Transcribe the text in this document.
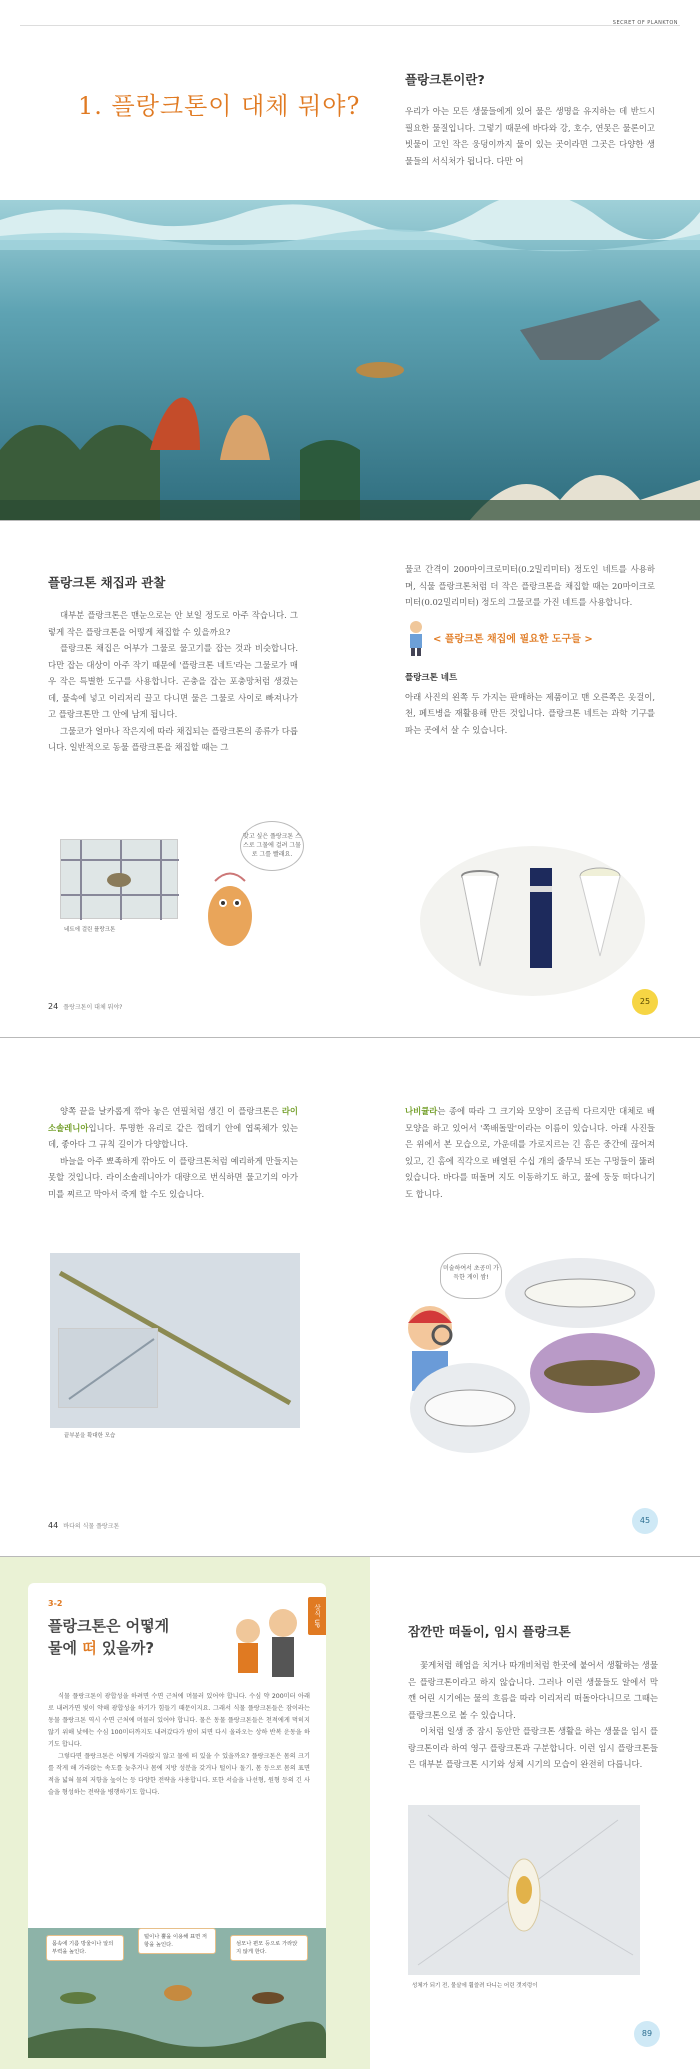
SECRET OF PLANKTON
1. 플랑크톤이 대체 뭐야?
플랑크톤이란?
우리가 아는 모든 생물들에게 있어 물은 생명을 유지하는 데 반드시 필요한 물질입니다. 그렇기 때문에 바다와 강, 호수, 연못은 물론이고 빗물이 고인 작은 웅덩이까지 물이 있는 곳이라면 그곳은 다양한 생물들의 서식처가 됩니다. 다만 어
플랑크톤 채집과 관찰
대부분 플랑크톤은 맨눈으로는 안 보일 정도로 아주 작습니다. 그렇게 작은 플랑크톤을 어떻게 채집할 수 있을까요?
플랑크톤 채집은 어부가 그물로 물고기를 잡는 것과 비슷합니다. 다만 잡는 대상이 아주 작기 때문에 '플랑크톤 네트'라는 그물로가 매우 작은 특별한 도구를 사용합니다. 곤충을 잡는 포충망처럼 생겼는데, 물속에 넣고 이리저리 끌고 다니면 물은 그물로 사이로 빠져나가고 플랑크톤만 그 안에 남게 됩니다.
그물코가 얼마나 작은지에 따라 채집되는 플랑크톤의 종류가 다릅니다. 일반적으로 동물 플랑크톤을 채집할 때는 그
네트에 걸린 플랑크톤
맞고 싶은 플랑크톤 스스로 그물에 걸려 그물로 그를 빨래요.
24 플랑크톤이 대체 뭐야?
물코 간격이 200마이크로미터(0.2밀리미터) 정도인 네트를 사용하며, 식물 플랑크톤처럼 더 작은 플랑크톤을 채집할 때는 20마이크로미터(0.02밀리미터) 정도의 그물코를 가진 네트를 사용합니다.
< 플랑크톤 채집에 필요한 도구들 >
플랑크톤 네트
아래 사진의 왼쪽 두 가지는 판매하는 제품이고 맨 오른쪽은 옷걸이, 천, 페트병을 재활용해 만든 것입니다. 플랑크톤 네트는 과학 기구를 파는 곳에서 살 수 있습니다.
25
양쪽 끝을 날카롭게 깎아 놓은 연필처럼 생긴 이 플랑크톤은 라이소솔레니아입니다. 투명한 유리로 같은 껍데기 안에 엽록체가 있는데, 좋아다 그 규칙 길이가 다양합니다.
바늘을 아주 뾰족하게 깎아도 이 플랑크톤처럼 예리하게 만들지는 못할 것입니다. 라이소솔레니아가 대량으로 번식하면 물고기의 아가미를 찌르고 막아서 죽게 할 수도 있습니다.
끝부분을 확대한 모습
44 바다의 식물 플랑크톤
나비큘라는 종에 따라 그 크기와 모양이 조금씩 다르지만 대체로 배 모양을 하고 있어서 '쪽배돌말'이라는 이름이 있습니다. 아래 사진들은 위에서 본 모습으로, 가운데를 가로지르는 긴 홈은 중간에 끊어져 있고, 긴 홈에 직각으로 배열된 수십 개의 줄무늬 또는 구멍들이 뚫려 있습니다. 바다를 떠돌며 지도 이동하기도 하고, 물에 둥둥 떠다니기도 합니다.
미술하여서 초공미 가득한 게이 쌈!
45
3-2
상식 UP
플랑크톤은 어떻게
물에 떠 있을까?
식물 플랑크톤이 광합성을 하려면 수면 근처에 머물러 있어야 합니다. 수심 약 200미터 아래로 내려가면 빛이 약해 광합성을 하기가 힘들기 때문이지요. 그래서 식물 플랑크톤들은 잠이라는 동물 플랑크톤 역시 수면 근처에 머물러 있어야 합니다. 물은 동물 플랑크톤들은 천적에게 먹히지 않기 위해 낮에는 수심 100미터까지도 내려갔다가 밤이 되면 다시 올라오는 상하 반복 운동을 하기도 합니다.
그렇다면 플랑크톤은 어떻게 가라앉지 않고 물에 떠 있을 수 있을까요? 플랑크톤은 몸의 크기를 작게 해 가라앉는 속도를 늦추거나 몸에 지방 성분을 갖거나 털이나 돌기, 몸 등으로 몸의 표면적을 넓혀 물의 저항을 높이는 등 다양한 전략을 사용합니다. 또한 서슬을 나선형, 원형 등의 긴 사슬을 형성하는 전략을 병행하기도 합니다.
몸속에 기름 방울이나 알의 부력을 높인다.
털이나 뿔을 이용해 표면 저항을 높인다.	섬모나 편모 등으로 가라앉지 않게 한다.
잠깐만 떠돌이, 임시 플랑크톤
꽃게처럼 해엄을 치거나 따개비처럼 한곳에 붙어서 생활하는 생물은 플랑크톤이라고 하지 않습니다. 그러나 이런 생물들도 알에서 막 깬 어린 시기에는 물의 흐름을 따라 이리저리 떠돌아다니므로 그때는 플랑크톤으로 볼 수 있습니다.
이처럼 일생 중 잠시 동안만 플랑크톤 생활을 하는 생물을 임시 플랑크톤이라 하여 영구 플랑크톤과 구분합니다. 이런 임시 플랑크톤들은 대부분 플랑크톤 시기와 성체 시기의 모습이 완전히 다릅니다.
성체가 되기 전, 물살에 휩쓸려 다니는 어린 갯지렁이
89
